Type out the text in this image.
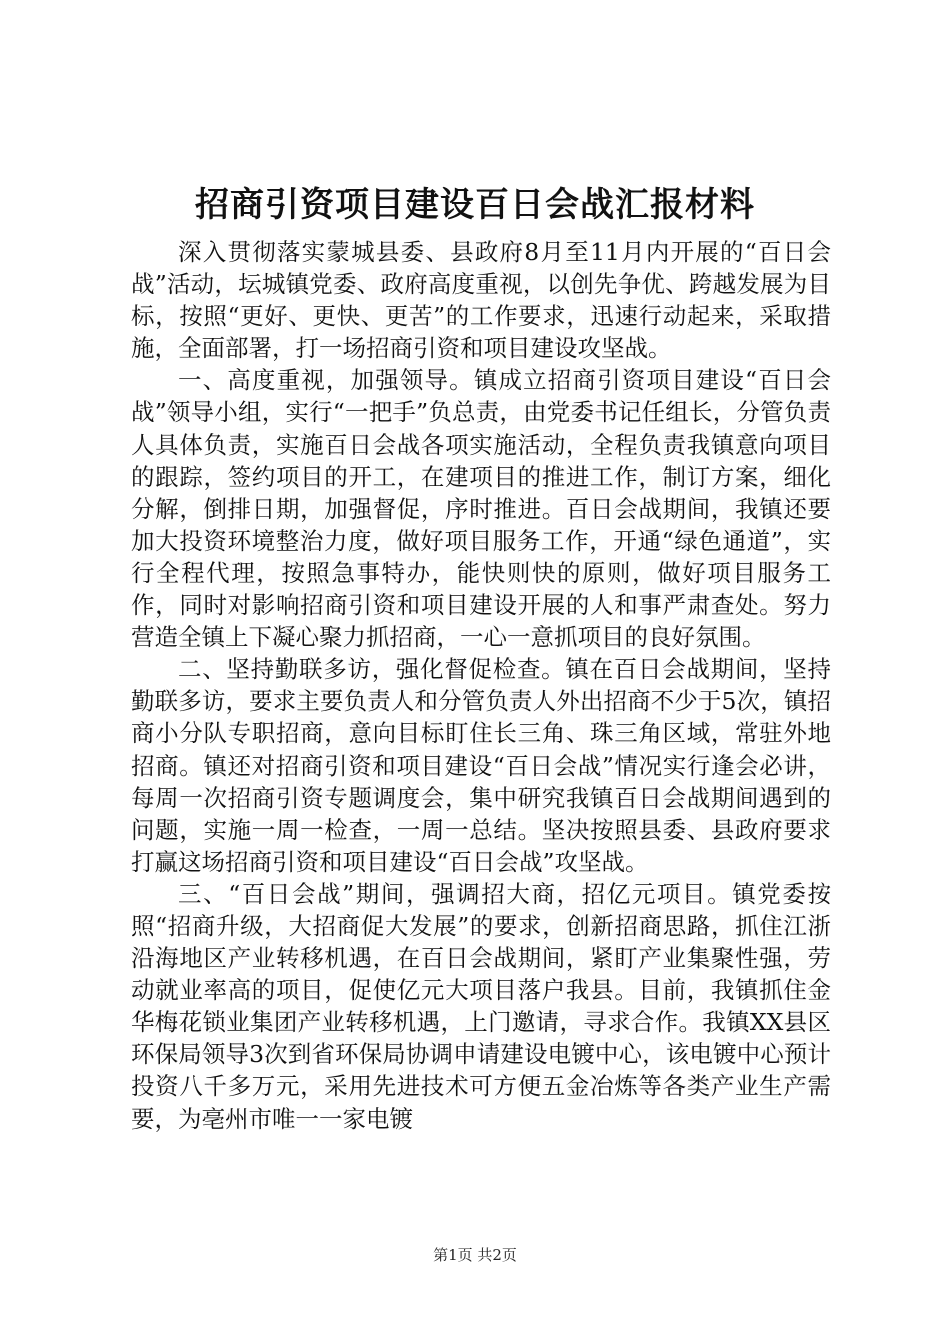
招商引资项目建设百日会战汇报材料

深入贯彻落实蒙城县委、县政府8月至11月内开展的“百日会战”活动，坛城镇党委、政府高度重视，以创先争优、跨越发展为目标，按照“更好、更快、更苦”的工作要求，迅速行动起来，采取措施，全面部署，打一场招商引资和项目建设攻坚战。

一、高度重视，加强领导。镇成立招商引资项目建设“百日会战”领导小组，实行“一把手”负总责，由党委书记任组长，分管负责人具体负责，实施百日会战各项实施活动，全程负责我镇意向项目的跟踪，签约项目的开工，在建项目的推进工作，制订方案，细化分解，倒排日期，加强督促，序时推进。百日会战期间，我镇还要加大投资环境整治力度，做好项目服务工作，开通“绿色通道”，实行全程代理，按照急事特办，能快则快的原则，做好项目服务工作，同时对影响招商引资和项目建设开展的人和事严肃查处。努力营造全镇上下凝心聚力抓招商，一心一意抓项目的良好氛围。

二、坚持勤联多访，强化督促检查。镇在百日会战期间，坚持勤联多访，要求主要负责人和分管负责人外出招商不少于5次，镇招商小分队专职招商，意向目标盯住长三角、珠三角区域，常驻外地招商。镇还对招商引资和项目建设“百日会战”情况实行逢会必讲，每周一次招商引资专题调度会，集中研究我镇百日会战期间遇到的问题，实施一周一检查，一周一总结。坚决按照县委、县政府要求打赢这场招商引资和项目建设“百日会战”攻坚战。

三、“百日会战”期间，强调招大商，招亿元项目。镇党委按照“招商升级，大招商促大发展”的要求，创新招商思路，抓住江浙沿海地区产业转移机遇，在百日会战期间，紧盯产业集聚性强，劳动就业率高的项目，促使亿元大项目落户我县。目前，我镇抓住金华梅花锁业集团产业转移机遇，上门邀请，寻求合作。我镇XX县区环保局领导3次到省环保局协调申请建设电镀中心，该电镀中心预计投资八千多万元，采用先进技术可方便五金冶炼等各类产业生产需要，为亳州市唯一一家电镀

第1页 共2页
